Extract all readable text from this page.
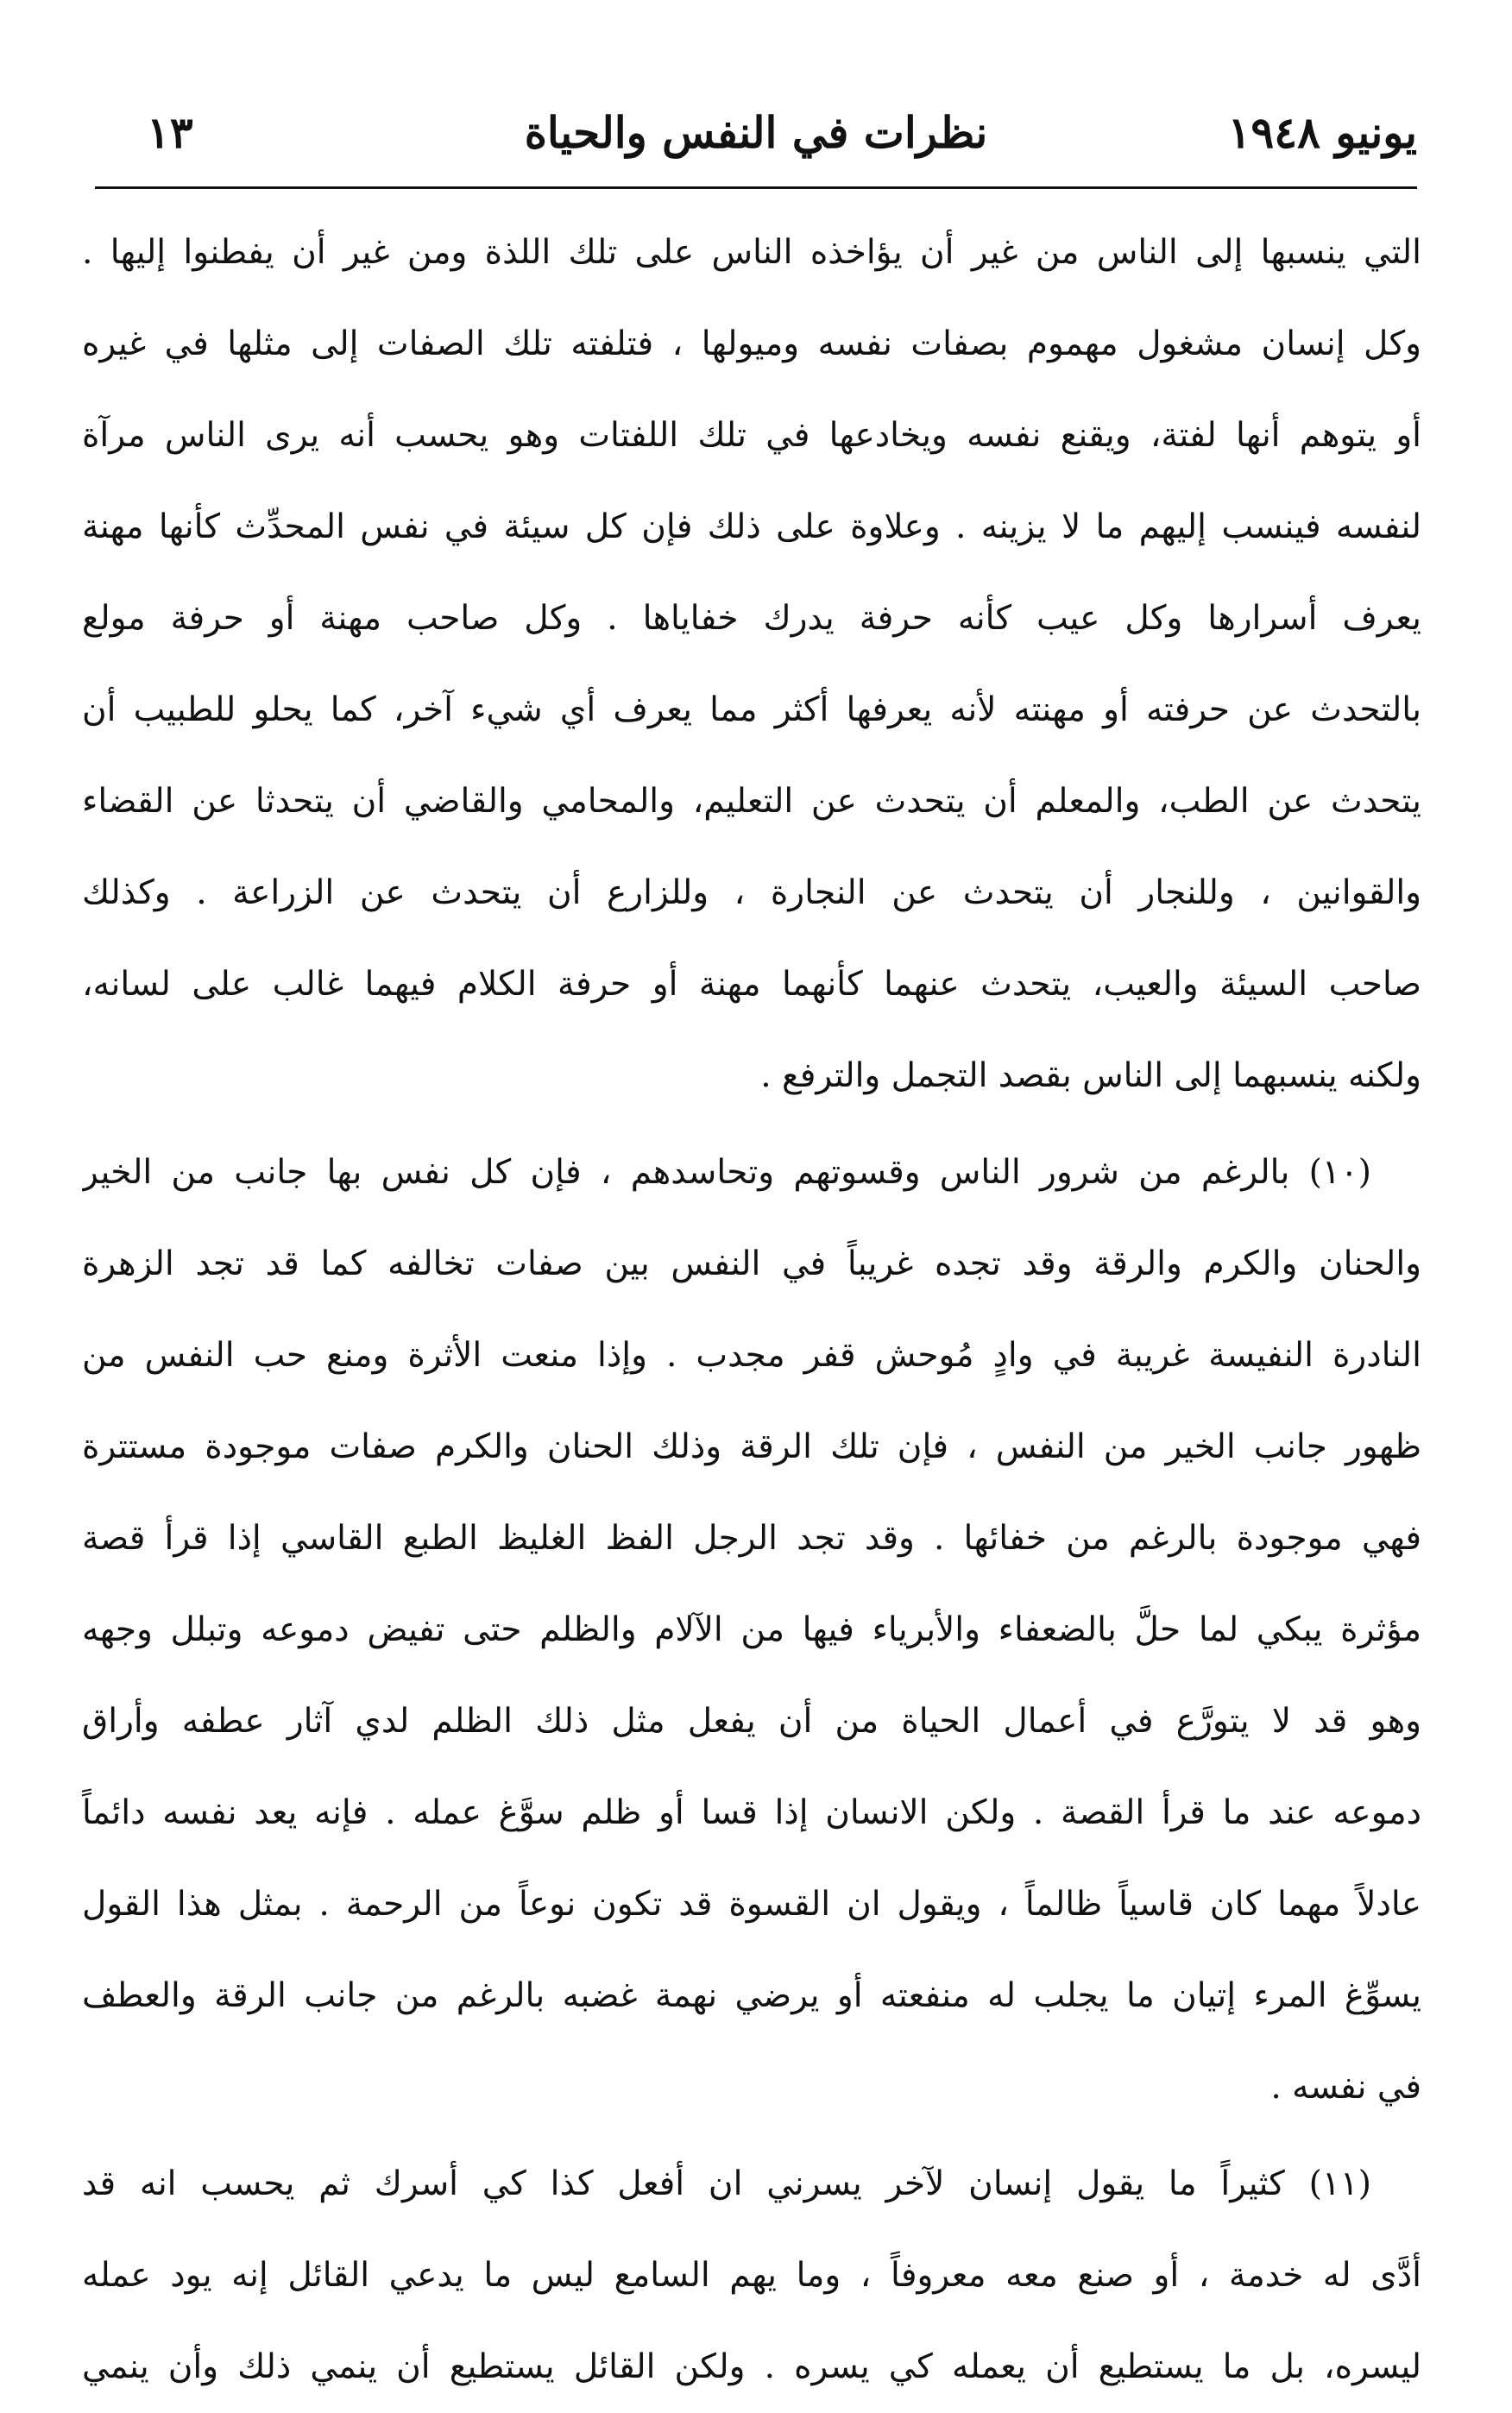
يونيو ١٩٤٨
نظرات في النفس والحياة
١٣
التي ينسبها إلى الناس من غير أن يؤاخذه الناس على تلك اللذة ومن غير أن يفطنوا إليها .
وكل إنسان مشغول مهموم بصفات نفسه وميولها ، فتلفته تلك الصفات إلى مثلها في غيره
أو يتوهم أنها لفتة، ويقنع نفسه ويخادعها في تلك اللفتات وهو يحسب أنه يرى الناس مرآة
لنفسه فينسب إليهم ما لا يزينه . وعلاوة على ذلك فإن كل سيئة في نفس المحدِّث كأنها مهنة
يعرف أسرارها وكل عيب كأنه حرفة يدرك خفاياها . وكل صاحب مهنة أو حرفة مولع
بالتحدث عن حرفته أو مهنته لأنه يعرفها أكثر مما يعرف أي شيء آخر، كما يحلو للطبيب أن
يتحدث عن الطب، والمعلم أن يتحدث عن التعليم، والمحامي والقاضي أن يتحدثا عن القضاء
والقوانين ، وللنجار أن يتحدث عن النجارة ، وللزارع أن يتحدث عن الزراعة . وكذلك
صاحب السيئة والعيب، يتحدث عنهما كأنهما مهنة أو حرفة الكلام فيهما غالب على لسانه،
ولكنه ينسبهما إلى الناس بقصد التجمل والترفع .
(١٠) بالرغم من شرور الناس وقسوتهم وتحاسدهم ، فإن كل نفس بها جانب من الخير
والحنان والكرم والرقة وقد تجده غريباً في النفس بين صفات تخالفه كما قد تجد الزهرة
النادرة النفيسة غريبة في وادٍ مُوحش قفر مجدب . وإذا منعت الأثرة ومنع حب النفس من
ظهور جانب الخير من النفس ، فإن تلك الرقة وذلك الحنان والكرم صفات موجودة مستترة
فهي موجودة بالرغم من خفائها . وقد تجد الرجل الفظ الغليظ الطبع القاسي إذا قرأ قصة
مؤثرة يبكي لما حلَّ بالضعفاء والأبرياء فيها من الآلام والظلم حتى تفيض دموعه وتبلل وجهه
وهو قد لا يتورَّع في أعمال الحياة من أن يفعل مثل ذلك الظلم لدي آثار عطفه وأراق
دموعه عند ما قرأ القصة . ولكن الانسان إذا قسا أو ظلم سوَّغ عمله . فإنه يعد نفسه دائماً
عادلاً مهما كان قاسياً ظالماً ، ويقول ان القسوة قد تكون نوعاً من الرحمة . بمثل هذا القول
يسوِّغ المرء إتيان ما يجلب له منفعته أو يرضي نهمة غضبه بالرغم من جانب الرقة والعطف
في نفسه .
(١١) كثيراً ما يقول إنسان لآخر يسرني ان أفعل كذا كي أسرك ثم يحسب انه قد
أدَّى له خدمة ، أو صنع معه معروفاً ، وما يهم السامع ليس ما يدعي القائل إنه يود عمله
ليسره، بل ما يستطيع أن يعمله كي يسره . ولكن القائل يستطيع أن ينمي ذلك وأن ينمي
